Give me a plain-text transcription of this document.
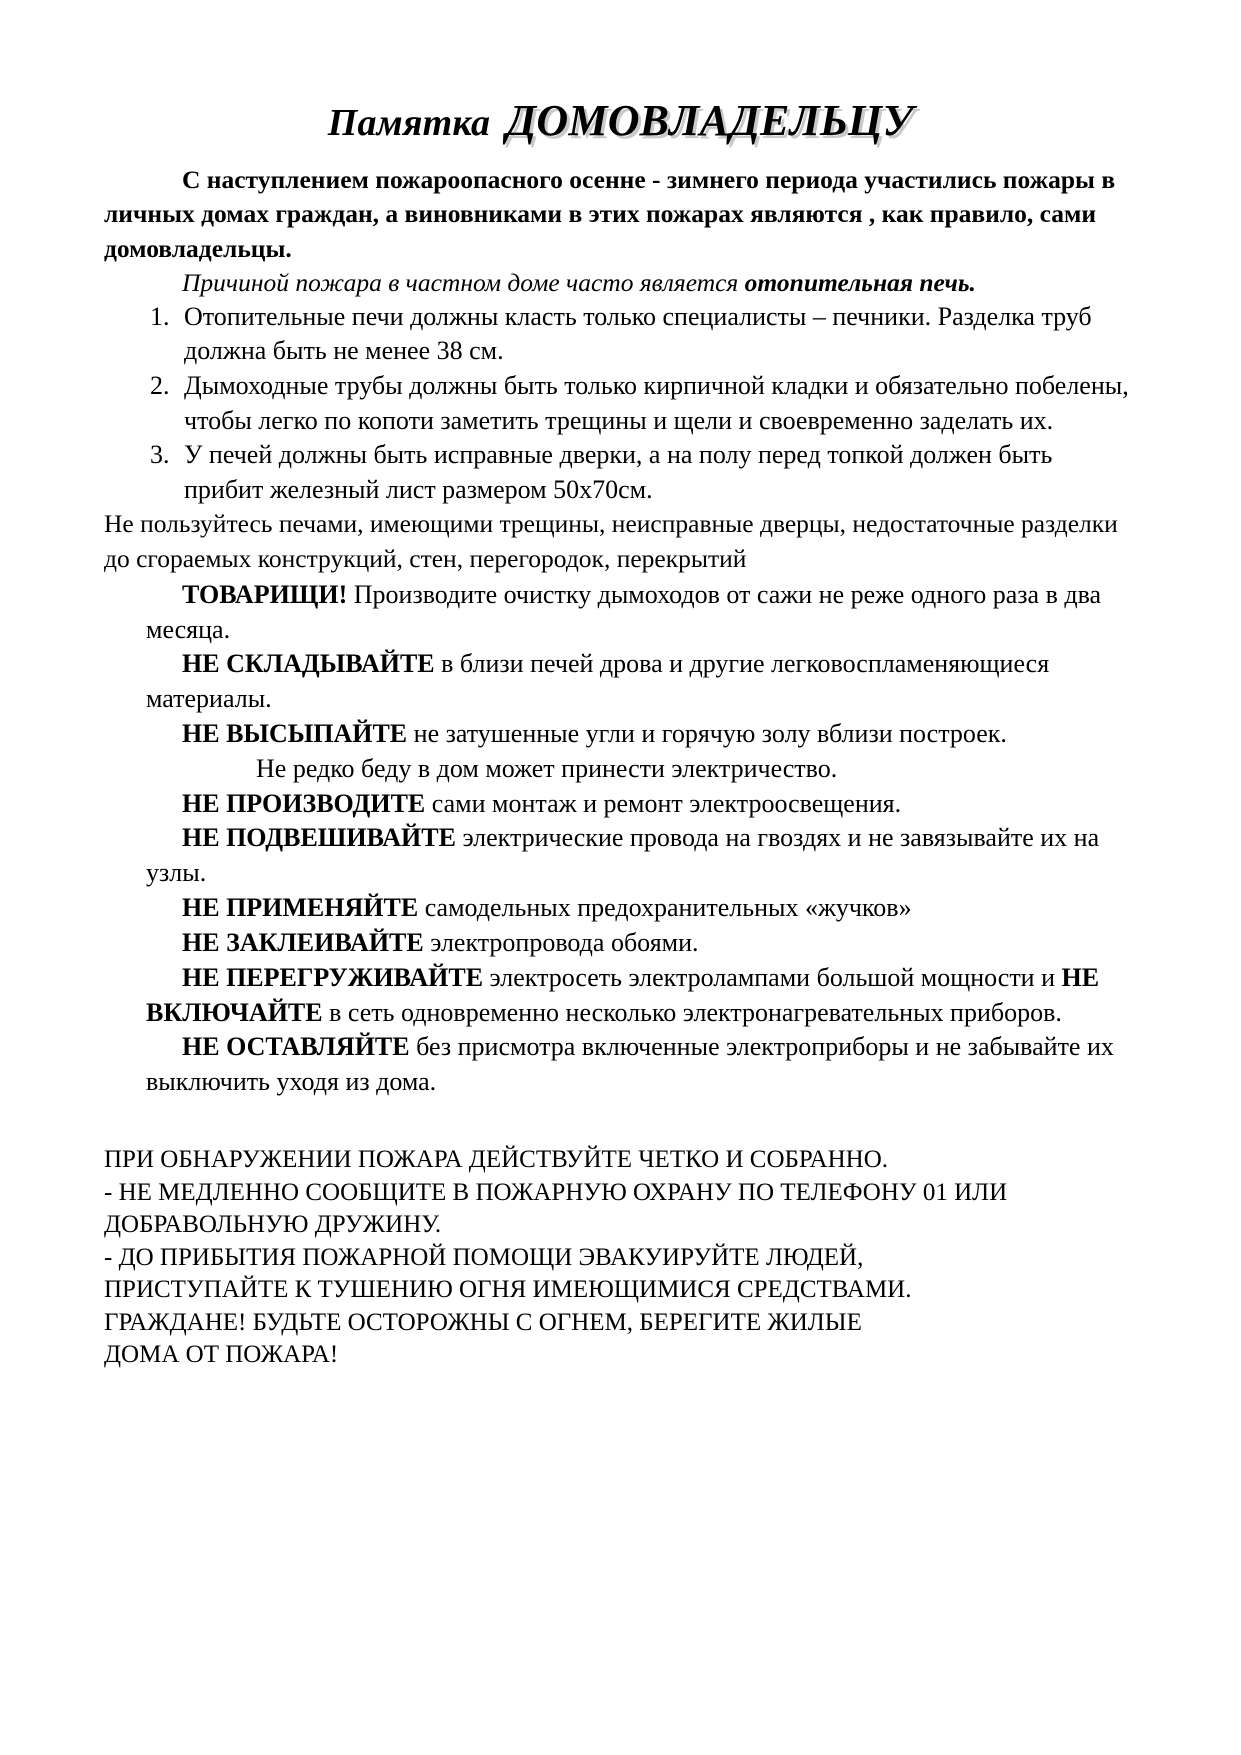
Памятка ДОМОВЛАДЕЛЬЦУ

С наступлением пожароопасного осенне - зимнего периода участились пожары в личных домах граждан, а виновниками в этих пожарах являются , как правило, сами домовладельцы.

Причиной пожара в частном доме часто является отопительная печь.

1. Отопительные печи должны класть только специалисты – печники. Разделка труб должна быть не менее 38 см.
2. Дымоходные трубы должны быть только кирпичной кладки и обязательно побелены, чтобы легко по копоти заметить трещины и щели и своевременно заделать их.
3. У печей должны быть исправные дверки, а на полу перед топкой должен быть прибит железный лист размером 50х70см.

Не пользуйтесь печами, имеющими трещины, неисправные дверцы, недостаточные разделки до сгораемых конструкций, стен, перегородок, перекрытий

ТОВАРИЩИ! Производите очистку дымоходов от сажи не реже одного раза в два месяца.

НЕ СКЛАДЫВАЙТЕ в близи печей дрова и другие легковоспламеняющиеся материалы.

НЕ ВЫСЫПАЙТЕ не затушенные угли и горячую золу вблизи построек.

Не редко беду в дом может принести электричество.

НЕ ПРОИЗВОДИТЕ сами монтаж и ремонт электроосвещения.

НЕ ПОДВЕШИВАЙТЕ электрические провода на гвоздях и не завязывайте их на узлы.

НЕ ПРИМЕНЯЙТЕ самодельных предохранительных «жучков»

НЕ ЗАКЛЕИВАЙТЕ электропровода обоями.

НЕ ПЕРЕГРУЖИВАЙТЕ электросеть электролампами большой мощности и НЕ ВКЛЮЧАЙТЕ в сеть одновременно несколько электронагревательных приборов.

НЕ ОСТАВЛЯЙТЕ без присмотра включенные электроприборы и не забывайте их выключить уходя из дома.

ПРИ ОБНАРУЖЕНИИ ПОЖАРА ДЕЙСТВУЙТЕ ЧЕТКО И СОБРАННО.

- НЕ МЕДЛЕННО СООБЩИТЕ В ПОЖАРНУЮ ОХРАНУ ПО ТЕЛЕФОНУ 01 ИЛИ

ДОБРАВОЛЬНУЮ ДРУЖИНУ.

- ДО ПРИБЫТИЯ ПОЖАРНОЙ ПОМОЩИ ЭВАКУИРУЙТЕ ЛЮДЕЙ,

ПРИСТУПАЙТЕ К ТУШЕНИЮ ОГНЯ ИМЕЮЩИМИСЯ СРЕДСТВАМИ.

ГРАЖДАНЕ! БУДЬТЕ ОСТОРОЖНЫ С ОГНЕМ, БЕРЕГИТЕ ЖИЛЫЕ

ДОМА ОТ ПОЖАРА!
